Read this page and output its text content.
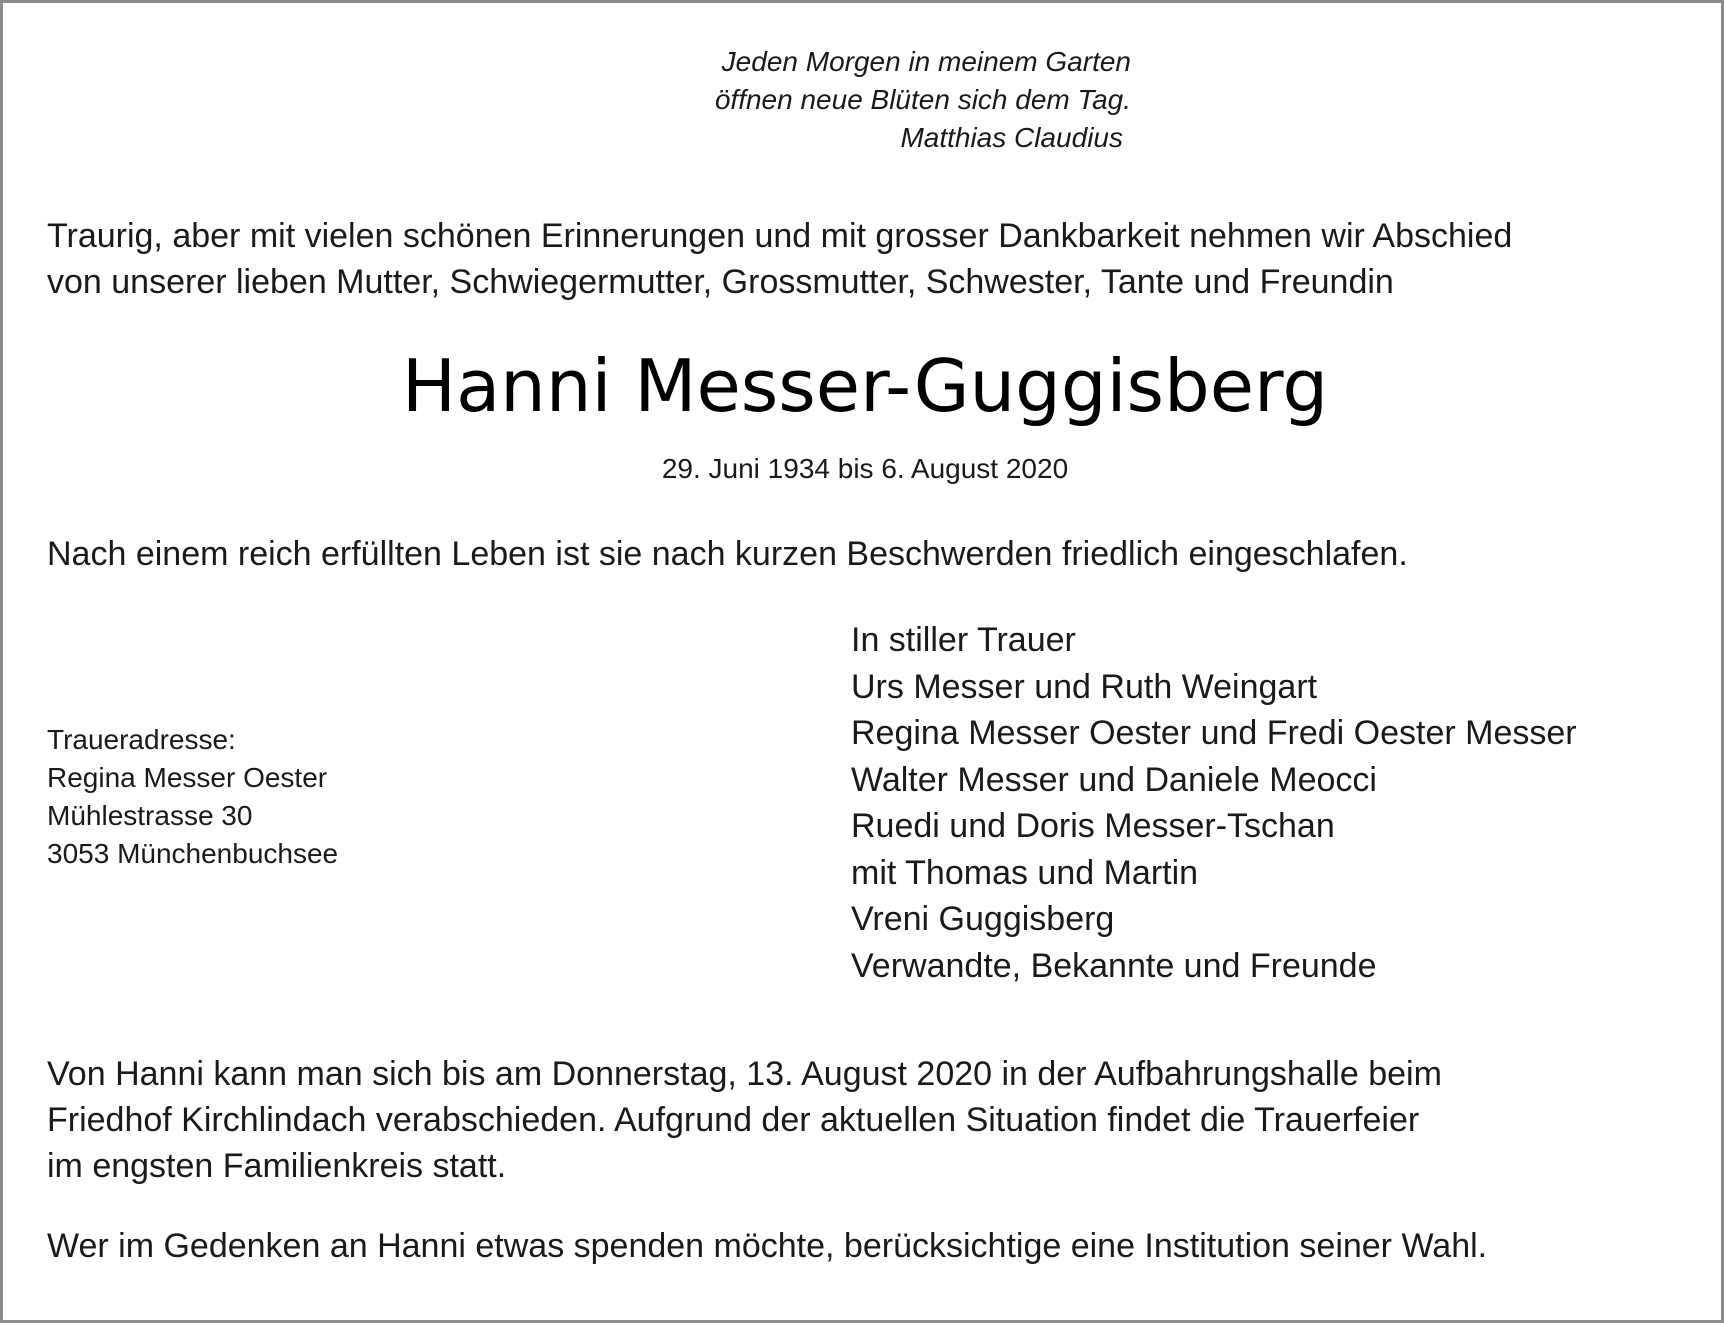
Jeden Morgen in meinem Garten
öffnen neue Blüten sich dem Tag.
Matthias Claudius
Traurig, aber mit vielen schönen Erinnerungen und mit grosser Dankbarkeit nehmen wir Abschied
von unserer lieben Mutter, Schwiegermutter, Grossmutter, Schwester, Tante und Freundin
Hanni Messer-Guggisberg
29. Juni 1934 bis 6. August 2020
Nach einem reich erfüllten Leben ist sie nach kurzen Beschwerden friedlich eingeschlafen.
In stiller Trauer
Urs Messer und Ruth Weingart
Regina Messer Oester und Fredi Oester Messer
Walter Messer und Daniele Meocci
Ruedi und Doris Messer-Tschan
mit Thomas und Martin
Vreni Guggisberg
Verwandte, Bekannte und Freunde
Traueradresse:
Regina Messer Oester
Mühlestrasse 30
3053 Münchenbuchsee
Von Hanni kann man sich bis am Donnerstag, 13. August 2020 in der Aufbahrungshalle beim
Friedhof Kirchlindach verabschieden. Aufgrund der aktuellen Situation findet die Trauerfeier
im engsten Familienkreis statt.
Wer im Gedenken an Hanni etwas spenden möchte, berücksichtige eine Institution seiner Wahl.
